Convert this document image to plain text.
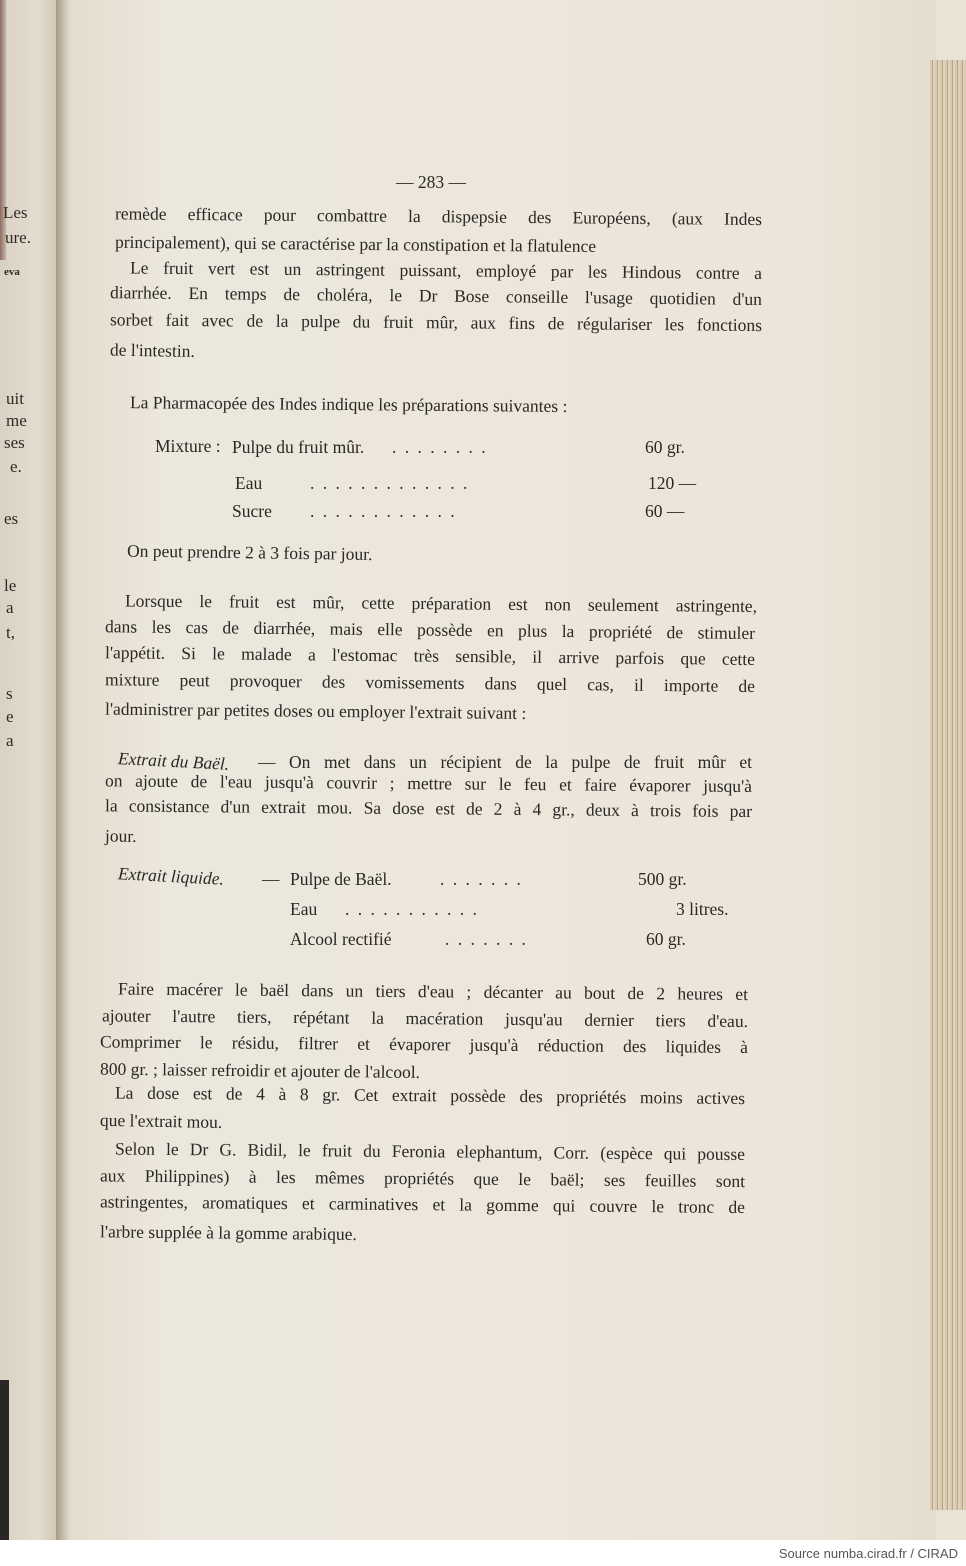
— 283 —
Les
ure.
eva
uit
me
ses
e.
es
le
a
t,
s
e
a
remède efficace pour combattre la dispepsie des Européens, (aux Indes
principalement), qui se caractérise par la constipation et la flatulence
Le fruit vert est un astringent puissant, employé par les Hindous contre a
diarrhée. En temps de choléra, le Dr Bose conseille l'usage quotidien d'un
sorbet fait avec de la pulpe du fruit mûr, aux fins de régulariser les fonctions
de l'intestin.
La Pharmacopée des Indes indique les préparations suivantes :
On peut prendre 2 à 3 fois par jour.
Lorsque le fruit est mûr, cette préparation est non seulement astringente,
dans les cas de diarrhée, mais elle possède en plus la propriété de stimuler
l'appétit. Si le malade a l'estomac très sensible, il arrive parfois que cette
mixture peut provoquer des vomissements dans quel cas, il importe de
l'administrer par petites doses ou employer l'extrait suivant :
on ajoute de l'eau jusqu'à couvrir ; mettre sur le feu et faire évaporer jusqu'à
la consistance d'un extrait mou. Sa dose est de 2 à 4 gr., deux à trois fois par
jour.
Faire macérer le baël dans un tiers d'eau ; décanter au bout de 2 heures et
ajouter l'autre tiers, répétant la macération jusqu'au dernier tiers d'eau.
Comprimer le résidu, filtrer et évaporer jusqu'à réduction des liquides à
800 gr. ; laisser refroidir et ajouter de l'alcool.
La dose est de 4 à 8 gr. Cet extrait possède des propriétés moins actives
que l'extrait mou.
Selon le Dr G. Bidil, le fruit du Feronia elephantum, Corr. (espèce qui pousse
aux Philippines) à les mêmes propriétés que le baël; ses feuilles sont
astringentes, aromatiques et carminatives et la gomme qui couvre le tronc de
l'arbre supplée à la gomme arabique.
Extrait du Baël. — On met dans un récipient de la pulpe de fruit mûr et
Mixture : Pulpe du fruit mûr. . . . . . . . .	60 gr.
Eau	. . . . . . . . . . . . .	120 —
Sucre . . . . . . . . . . . .	60 —
Extrait liquide. — Pulpe de Baël.	. . . . . . .	500 gr.
Eau . . . . . . . . . . .	3 litres.
Alcool rectifié	. . . . . . .	60 gr.
Source numba.cirad.fr / CIRAD
